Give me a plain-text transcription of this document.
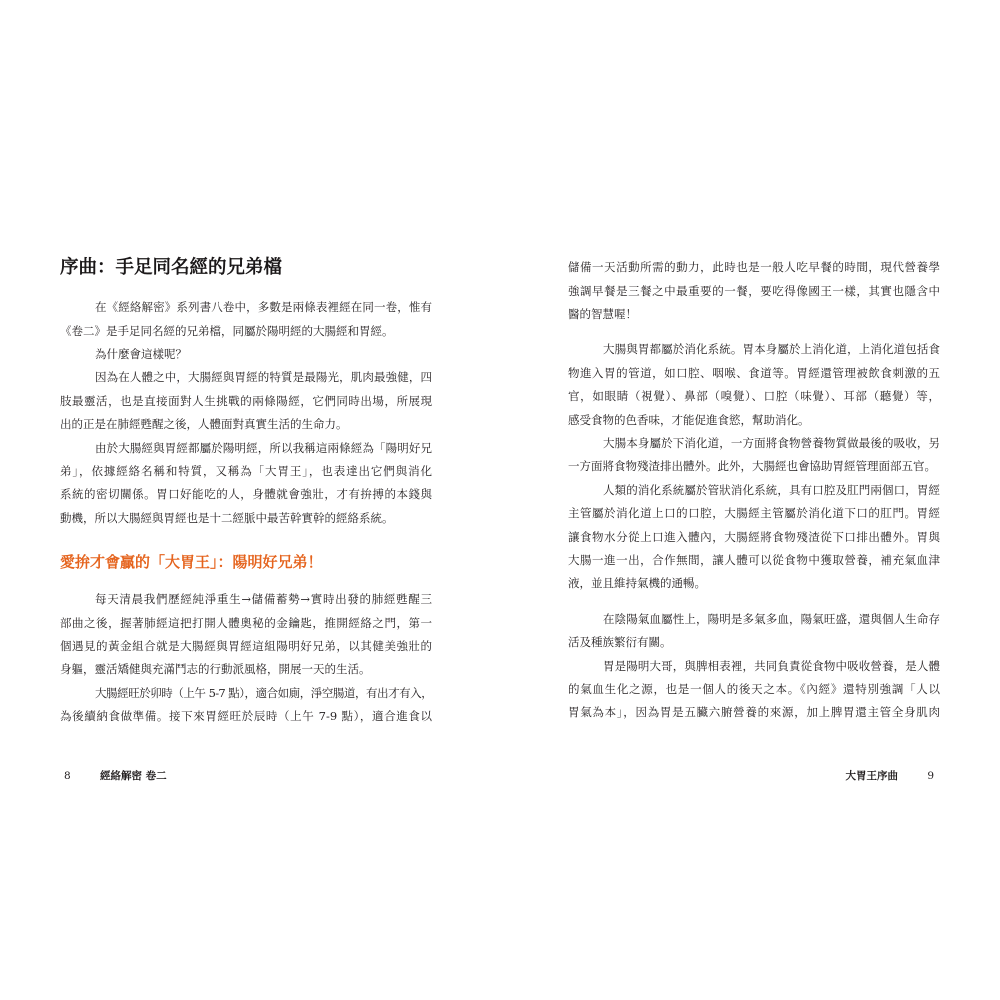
序曲：手足同名經的兄弟檔

在《經絡解密》系列書八卷中，多數是兩條表裡經在同一卷，惟有
《卷二》是手足同名經的兄弟檔，同屬於陽明經的大腸經和胃經。

為什麼會這樣呢？

因為在人體之中，大腸經與胃經的特質是最陽光，肌肉最強健，四
肢最靈活，也是直接面對人生挑戰的兩條陽經，它們同時出場，所展現
出的正是在肺經甦醒之後，人體面對真實生活的生命力。

由於大腸經與胃經都屬於陽明經，所以我稱這兩條經為「陽明好兄
弟」，依據經絡名稱和特質，又稱為「大胃王」，也表達出它們與消化
系統的密切關係。胃口好能吃的人，身體就會強壯，才有拚搏的本錢與
動機，所以大腸經與胃經也是十二經脈中最苦幹實幹的經絡系統。

愛拚才會贏的「大胃王」：陽明好兄弟！

每天清晨我們歷經純淨重生→儲備蓄勢→實時出發的肺經甦醒三
部曲之後，握著肺經這把打開人體奧秘的金鑰匙，推開經絡之門，第一
個遇見的黃金組合就是大腸經與胃經這組陽明好兄弟，以其健美強壯的
身軀，靈活矯健與充滿鬥志的行動派風格，開展一天的生活。

大腸經旺於卯時（上午 5-7 點），適合如廁，淨空腸道，有出才有入，
為後續納食做準備。接下來胃經旺於辰時（上午 7-9 點），適合進食以

8	經絡解密 卷二

儲備一天活動所需的動力，此時也是一般人吃早餐的時間，現代營養學
強調早餐是三餐之中最重要的一餐，要吃得像國王一樣，其實也隱含中
醫的智慧喔！

大腸與胃都屬於消化系統。胃本身屬於上消化道，上消化道包括食
物進入胃的管道，如口腔、咽喉、食道等。胃經還管理被飲食刺激的五
官，如眼睛（視覺）、鼻部（嗅覺）、口腔（味覺）、耳部（聽覺）等，
感受食物的色香味，才能促進食慾，幫助消化。

大腸本身屬於下消化道，一方面將食物營養物質做最後的吸收，另
一方面將食物殘渣排出體外。此外，大腸經也會協助胃經管理面部五官。

人類的消化系統屬於管狀消化系統，具有口腔及肛門兩個口，胃經
主管屬於消化道上口的口腔，大腸經主管屬於消化道下口的肛門。胃經
讓食物水分從上口進入體內，大腸經將食物殘渣從下口排出體外。胃與
大腸一進一出，合作無間，讓人體可以從食物中獲取營養，補充氣血津
液，並且維持氣機的通暢。

在陰陽氣血屬性上，陽明是多氣多血，陽氣旺盛，還與個人生命存
活及種族繁衍有關。

胃是陽明大哥，與脾相表裡，共同負責從食物中吸收營養，是人體
的氣血生化之源，也是一個人的後天之本。《內經》還特別強調「人以
胃氣為本」，因為胃是五臟六腑營養的來源，加上脾胃還主管全身肌肉

大胃王序曲	9
